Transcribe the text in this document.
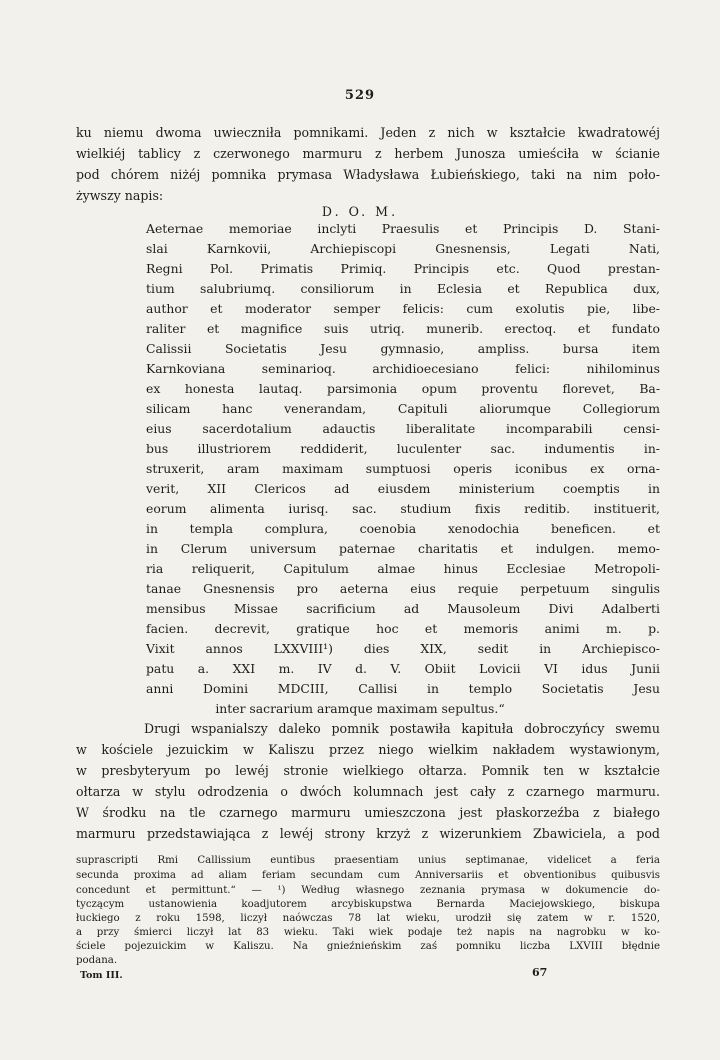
529
ku niemu dwoma uwieczniła pomnikami. Jeden z nich w kształcie kwadratowéj
wielkiéj tablicy z czerwonego marmuru z herbem Junosza umieściła w ścianie
pod chórem niżéj pomnika prymasa Władysława Łubieńskiego, taki na nim poło-
żywszy napis:
D. O. M.
Aeternae memoriae inclyti Praesulis et Principis D. Stani-
slai Karnkovii, Archiepiscopi Gnesnensis, Legati Nati,
Regni Pol. Primatis Primiq. Principis etc. Quod prestan-
tium salubriumq. consiliorum in Eclesia et Republica dux,
author et moderator semper felicis: cum exolutis pie, libe-
raliter et magnifice suis utriq. munerib. erectoq. et fundato
Calissii Societatis Jesu gymnasio, ampliss. bursa item
Karnkoviana seminarioq. archidioecesiano felici: nihilominus
ex honesta lautaq. parsimonia opum proventu florevet, Ba-
silicam hanc venerandam, Capituli aliorumque Collegiorum
eius sacerdotalium adauctis liberalitate incomparabili censi-
bus illustriorem reddiderit, luculenter sac. indumentis in-
struxerit, aram maximam sumptuosi operis iconibus ex orna-
verit, XII Clericos ad eiusdem ministerium coemptis in
eorum alimenta iurisq. sac. studium fixis reditib. instituerit,
in templa complura, coenobia xenodochia beneficen. et
in Clerum universum paternae charitatis et indulgen. memo-
ria reliquerit, Capitulum almae hinus Ecclesiae Metropoli-
tanae Gnesnensis pro aeterna eius requie perpetuum singulis
mensibus Missae sacrificium ad Mausoleum Divi Adalberti
facien. decrevit, gratique hoc et memoris animi m. p.
Vixit annos LXXVIII¹) dies XIX, sedit in Archiepisco-
patu a. XXI m. IV d. V. Obiit Lovicii VI idus Junii
anni Domini MDCIII, Callisi in templo Societatis Jesu
inter sacrarium aramque maximam sepultus.“
Drugi wspanialszy daleko pomnik postawiła kapituła dobroczyńcy swemu
w kościele jezuickim w Kaliszu przez niego wielkim nakładem wystawionym,
w presbyteryum po lewéj stronie wielkiego ołtarza. Pomnik ten w kształcie
ołtarza w stylu odrodzenia o dwóch kolumnach jest cały z czarnego marmuru.
W środku na tle czarnego marmuru umieszczona jest płaskorzeźba z białego
marmuru przedstawiająca z lewéj strony krzyż z wizerunkiem Zbawiciela, a pod
suprascripti Rmi Callissium euntibus praesentiam unius septimanae, videlicet a feria
secunda proxima ad aliam feriam secundam cum Anniversariis et obventionibus quibusvis
concedunt et permittunt.“ — ¹) Według własnego zeznania prymasa w dokumencie do-
tyczącym ustanowienia koadjutorem arcybiskupstwa Bernarda Maciejowskiego, biskupa
łuckiego z roku 1598, liczył naówczas 78 lat wieku, urodził się zatem w r. 1520,
a przy śmierci liczył lat 83 wieku. Taki wiek podaje też napis na nagrobku w ko-
ściele pojezuickim w Kaliszu. Na gnieźnieńskim zaś pomniku liczba LXVIII błędnie
podana.
Tom III.	67
